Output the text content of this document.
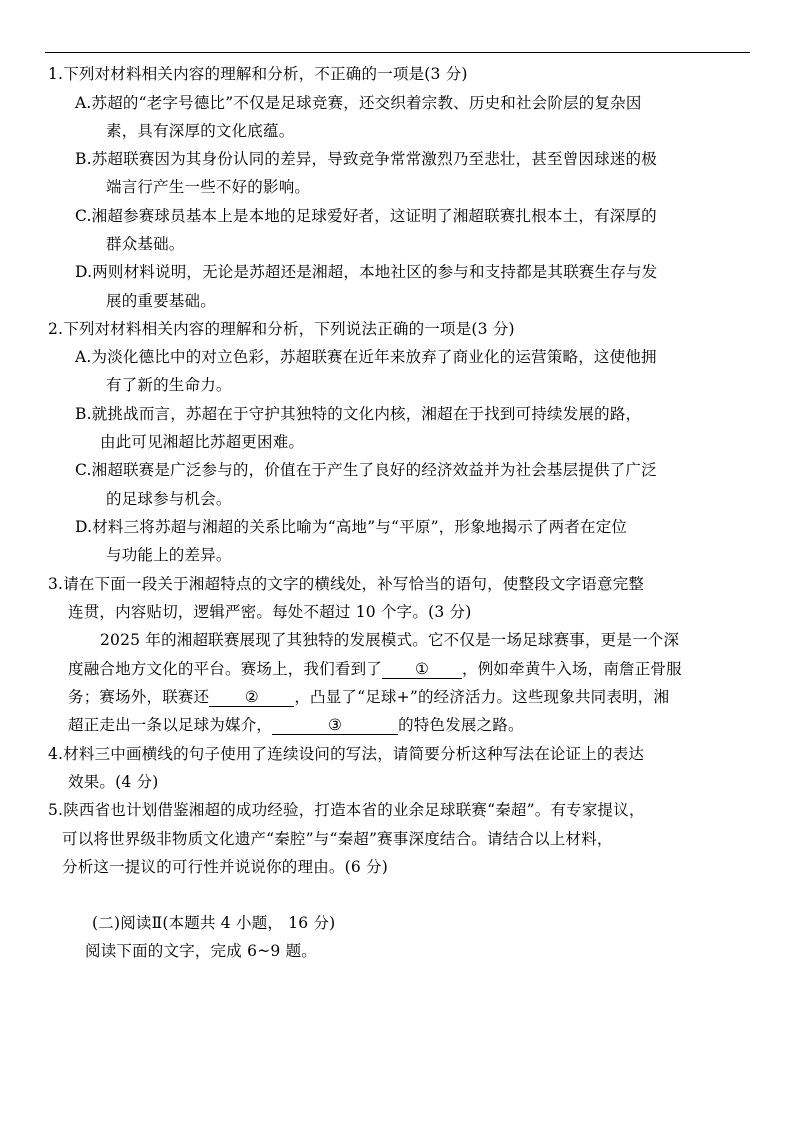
1.下列对材料相关内容的理解和分析，不正确的一项是(3 分)
A.苏超的“老字号德比”不仅是足球竞赛，还交织着宗教、历史和社会阶层的复杂因
素，具有深厚的文化底蕴。
B.苏超联赛因为其身份认同的差异，导致竞争常常激烈乃至悲壮，甚至曾因球迷的极
端言行产生一些不好的影响。
C.湘超参赛球员基本上是本地的足球爱好者，这证明了湘超联赛扎根本土，有深厚的
群众基础。
D.两则材料说明，无论是苏超还是湘超，本地社区的参与和支持都是其联赛生存与发
展的重要基础。
2.下列对材料相关内容的理解和分析，下列说法正确的一项是(3 分)
A.为淡化德比中的对立色彩，苏超联赛在近年来放弃了商业化的运营策略，这使他拥
有了新的生命力。
B.就挑战而言，苏超在于守护其独特的文化内核，湘超在于找到可持续发展的路，
由此可见湘超比苏超更困难。
C.湘超联赛是广泛参与的，价值在于产生了良好的经济效益并为社会基层提供了广泛
的足球参与机会。
D.材料三将苏超与湘超的关系比喻为“高地”与“平原”，形象地揭示了两者在定位
与功能上的差异。
3.请在下面一段关于湘超特点的文字的横线处，补写恰当的语句，使整段文字语意完整
连贯，内容贴切，逻辑严密。每处不超过 10 个字。(3 分)
2025 年的湘超联赛展现了其独特的发展模式。它不仅是一场足球赛事，更是一个深
度融合地方文化的平台。赛场上，我们看到了 ① ，例如牵黄牛入场，南詹正骨服
务；赛场外，联赛还 ② ，凸显了“足球+”的经济活力。这些现象共同表明，湘
超正走出一条以足球为媒介，	③	的特色发展之路。
4.材料三中画横线的句子使用了连续设问的写法，请简要分析这种写法在论证上的表达
效果。(4 分)
5.陕西省也计划借鉴湘超的成功经验，打造本省的业余足球联赛“秦超”。有专家提议，
可以将世界级非物质文化遗产“秦腔”与“秦超”赛事深度结合。请结合以上材料，
分析这一提议的可行性并说说你的理由。(6 分)
(二)阅读Ⅱ(本题共 4 小题， 16 分)
阅读下面的文字，完成 6~9 题。
